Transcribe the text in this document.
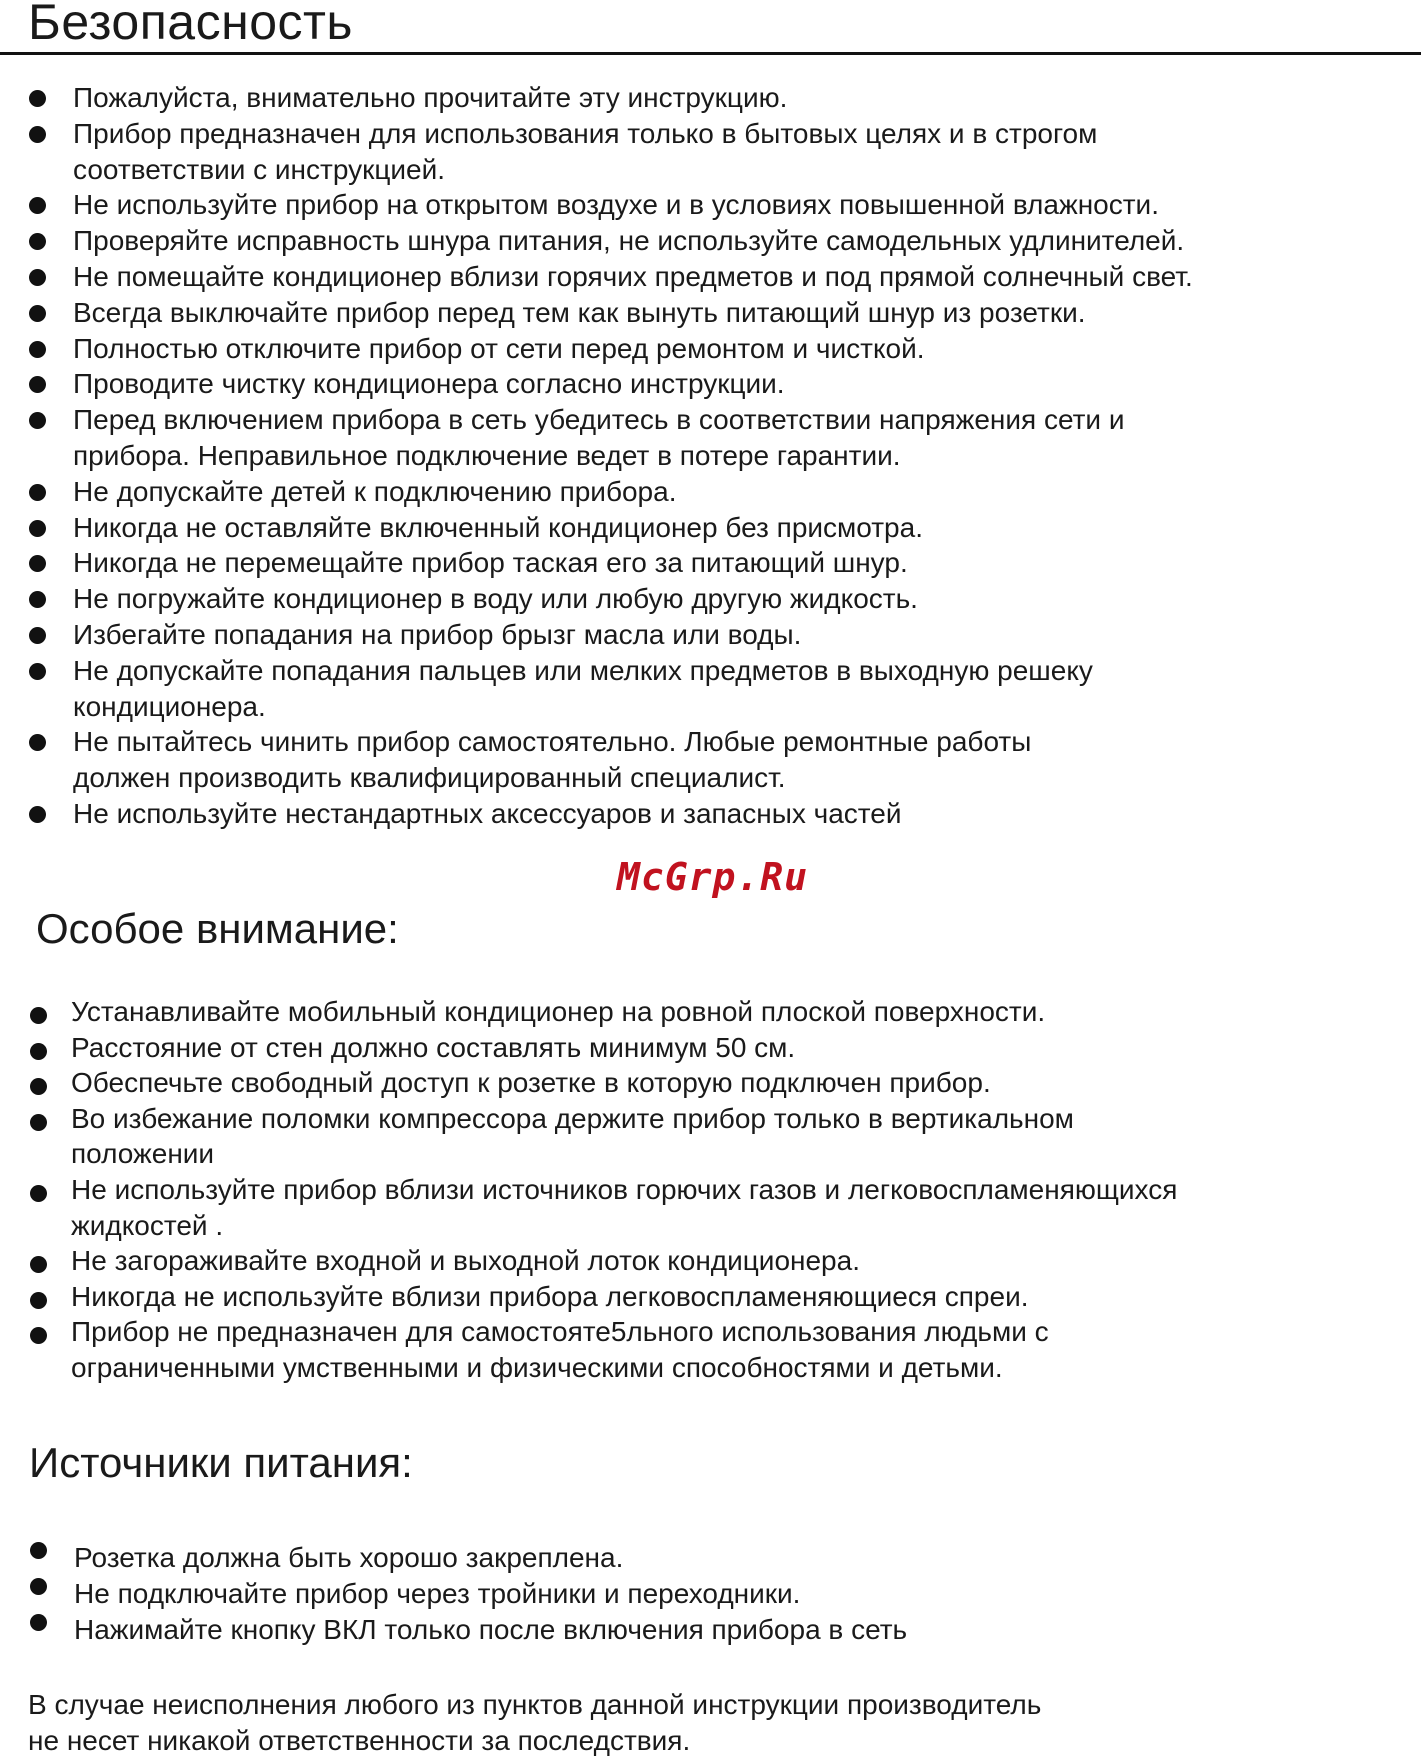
Безопасность
Пожалуйста, внимательно прочитайте эту инструкцию.
Прибор предназначен для использования только в бытовых целях и в строгом
соответствии с инструкцией.
Не используйте прибор на открытом воздухе и в условиях повышенной влажности.
Проверяйте исправность шнура питания, не используйте самодельных удлинителей.
Не помещайте кондиционер вблизи горячих предметов и под прямой солнечный свет.
Всегда выключайте прибор перед тем как вынуть питающий шнур из розетки.
Полностью отключите прибор от сети перед ремонтом и чисткой.
Проводите чистку кондиционера согласно инструкции.
Перед включением прибора в сеть убедитесь в соответствии напряжения сети и
прибора. Неправильное подключение ведет в потере гарантии.
Не допускайте детей к подключению прибора.
Никогда не оставляйте включенный кондиционер без присмотра.
Никогда не перемещайте прибор таская его за питающий шнур.
Не погружайте кондиционер в воду или любую другую жидкость.
Избегайте попадания на прибор брызг масла или воды.
Не допускайте попадания пальцев или мелких предметов в выходную решеку
кондиционера.
Не пытайтесь чинить прибор самостоятельно. Любые ремонтные работы
должен производить квалифицированный специалист.
Не используйте нестандартных аксессуаров и запасных частей
McGrp.Ru
Особое внимание:
Устанавливайте мобильный кондиционер на ровной плоской поверхности.
Расстояние от стен должно составлять минимум 50 см.
Обеспечьте свободный доступ к розетке в которую подключен прибор.
Во избежание поломки компрессора держите прибор только в вертикальном
положении
Не используйте прибор вблизи источников горючих газов и легковоспламеняющихся
жидкостей .
Не загораживайте входной и выходной лоток кондиционера.
Никогда не используйте вблизи прибора легковоспламеняющиеся спреи.
Прибор не предназначен для самостояте5льного использования людьми с
ограниченными умственными и физическими способностями и детьми.
Источники питания:
Розетка должна быть хорошо закреплена.
Не подключайте прибор через тройники и переходники.
Нажимайте кнопку ВКЛ только после включения прибора в сеть

В случае неисполнения любого из пунктов данной инструкции производитель
не несет никакой ответственности за последствия.
